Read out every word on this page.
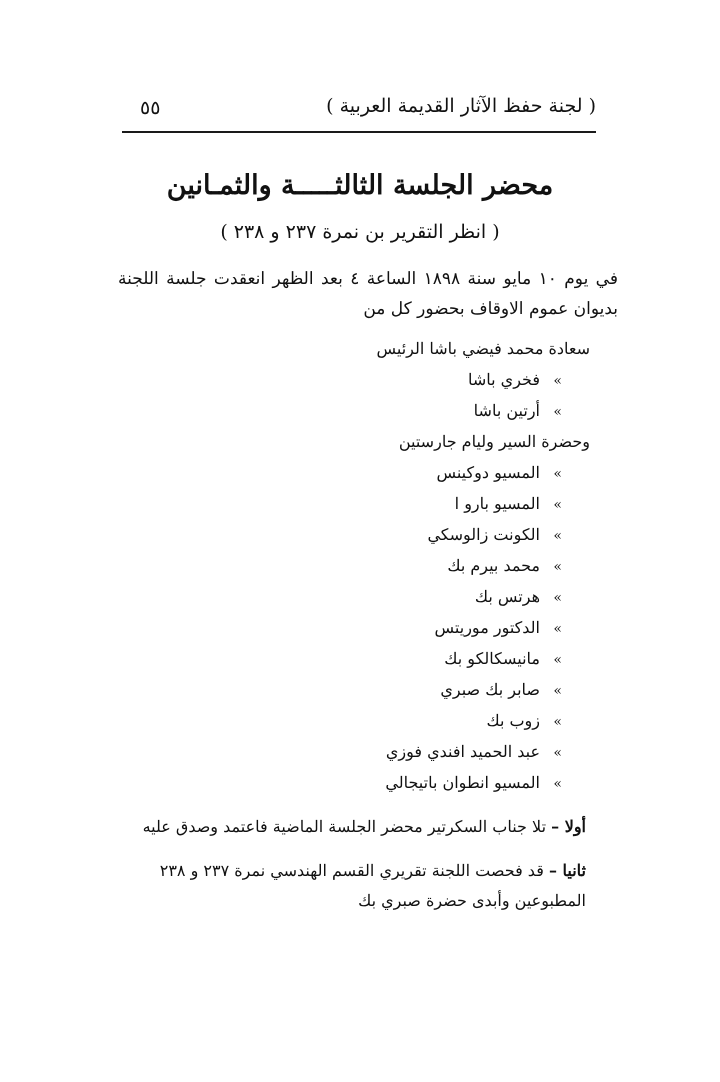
( لجنة حفظ الآثار القديمة العربية )
٥٥
محضر الجلسة الثالثـــــة والثمـانين
( انظر التقرير بن نمرة ٢٣٧ و ٢٣٨ )
في يوم ١٠ مايو سنة ١٨٩٨ الساعة ٤ بعد الظهر انعقدت جلسة اللجنة بديوان عموم الاوقاف بحضور كل من
سعادة محمد فيضي باشا الرئيس
»فخري باشا
»أرتين باشا
وحضرة السير وليام جارستين
»المسيو دوكينس
»المسيو بارو ا
»الكونت زالوسكي
»محمد بيرم بك
»هرتس بك
»الدكتور موريتس
»مانيسكالكو بك
»صابر بك صبري
»زوب بك
»عبد الحميد افندي فوزي
»المسيو انطوان باتيجالي
أولا – تلا جناب السكرتير محضر الجلسة الماضية فاعتمد وصدق عليه
ثانيا – قد فحصت اللجنة تقريري القسم الهندسي نمرة ٢٣٧ و ٢٣٨ المطبوعين وأبدى حضرة صبري بك
